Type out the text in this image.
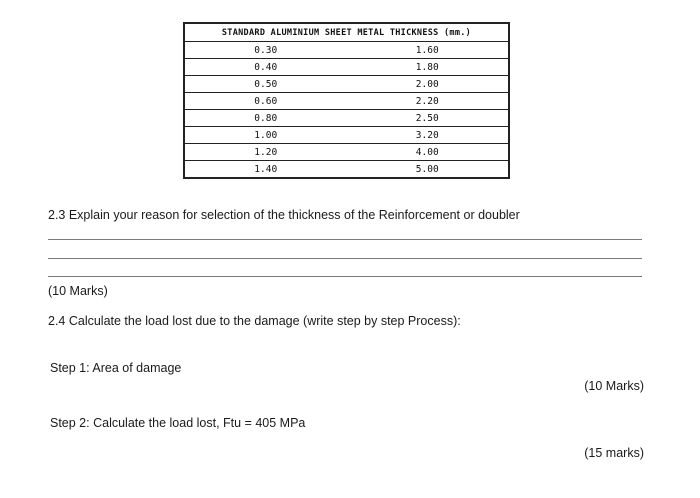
STANDARD ALUMINIUM SHEET METAL THICKNESS (mm.)	
0.30	1.60
0.40	1.80
0.50	2.00
0.60	2.20
0.80	2.50
1.00	3.20
1.20	4.00
1.40	5.00
2.3 Explain your reason for selection of the thickness of the Reinforcement or doubler
(10 Marks)
2.4 Calculate the load lost due to the damage (write step by step Process):
Step 1: Area of damage
(10 Marks)
Step 2: Calculate the load lost, Ftu = 405 MPa
(15 marks)
